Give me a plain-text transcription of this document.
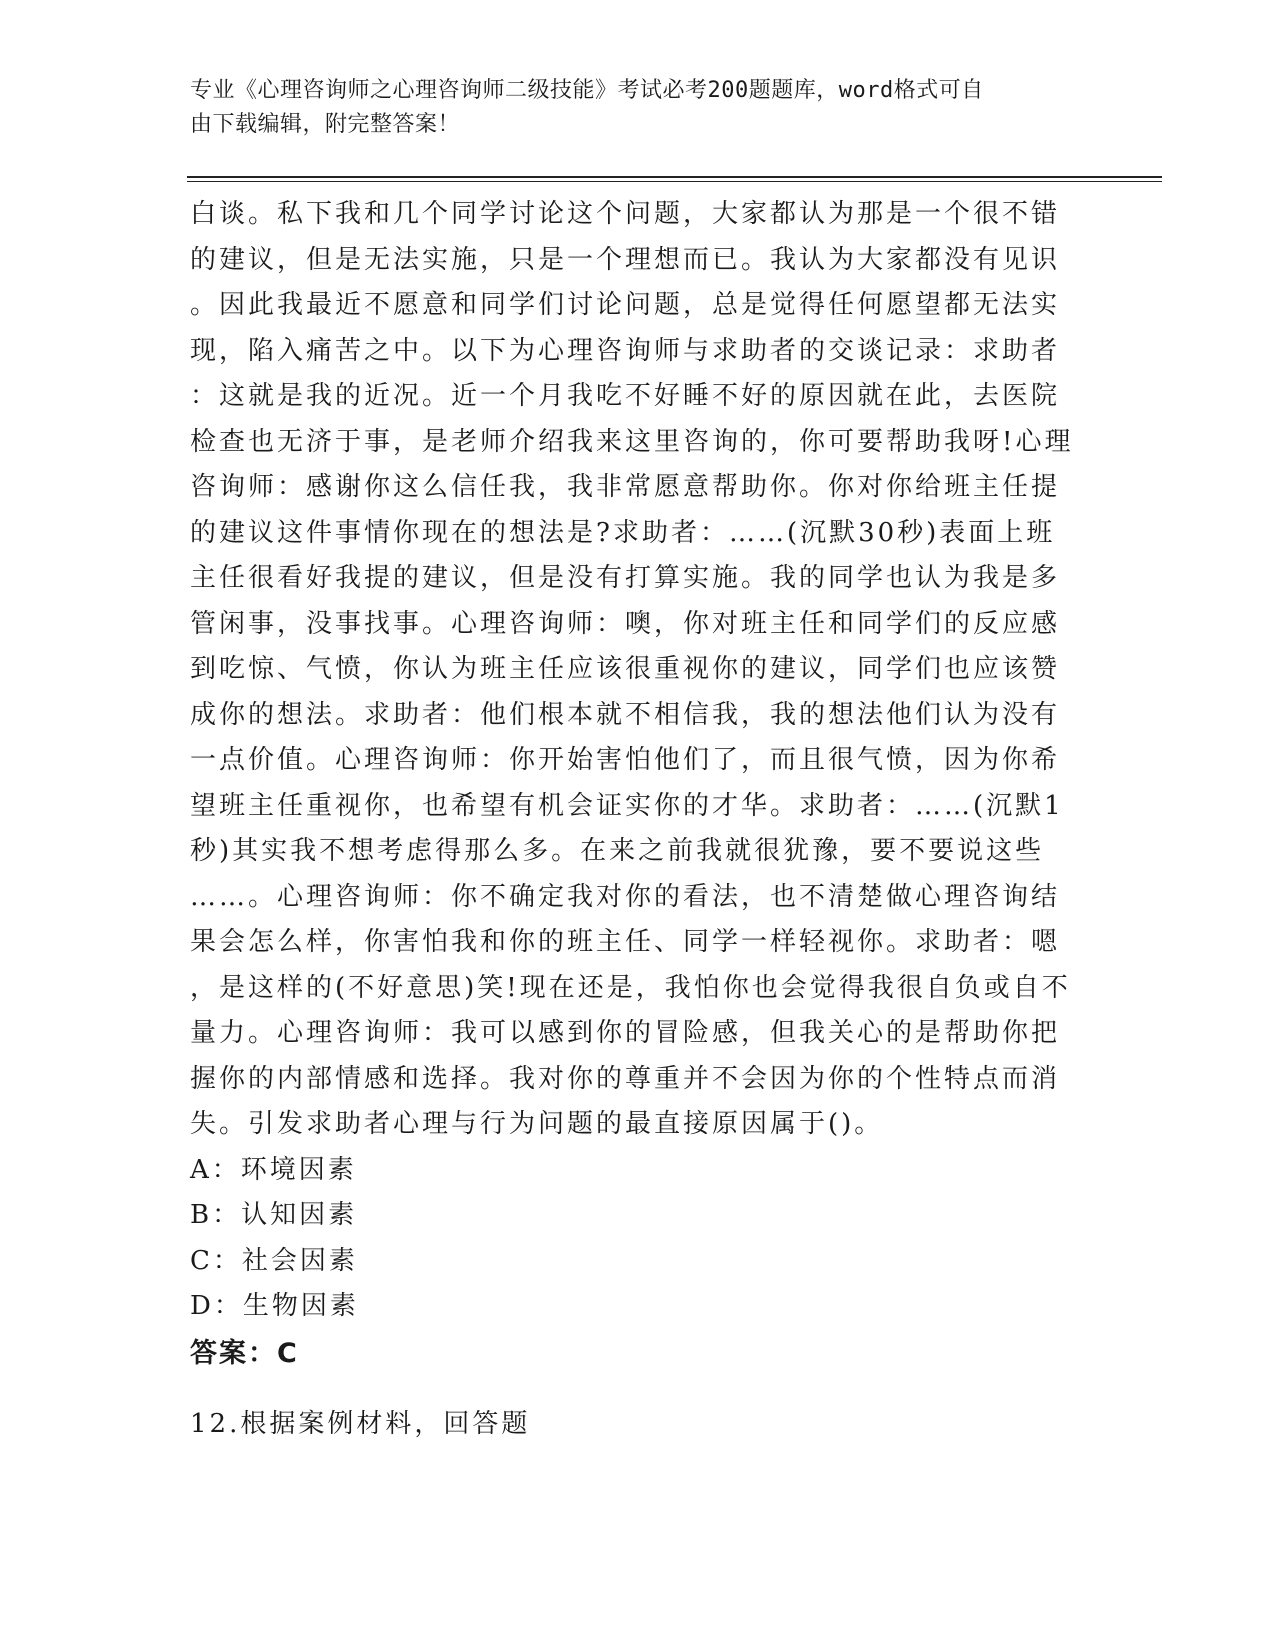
专业《心理咨询师之心理咨询师二级技能》考试必考200题题库，word格式可自
由下载编辑，附完整答案！
白谈。私下我和几个同学讨论这个问题，大家都认为那是一个很不错
的建议，但是无法实施，只是一个理想而已。我认为大家都没有见识
。因此我最近不愿意和同学们讨论问题，总是觉得任何愿望都无法实
现，陷入痛苦之中。以下为心理咨询师与求助者的交谈记录：求助者
：这就是我的近况。近一个月我吃不好睡不好的原因就在此，去医院
检查也无济于事，是老师介绍我来这里咨询的，你可要帮助我呀!心理
咨询师：感谢你这么信任我，我非常愿意帮助你。你对你给班主任提
的建议这件事情你现在的想法是?求助者：……(沉默30秒)表面上班
主任很看好我提的建议，但是没有打算实施。我的同学也认为我是多
管闲事，没事找事。心理咨询师：噢，你对班主任和同学们的反应感
到吃惊、气愤，你认为班主任应该很重视你的建议，同学们也应该赞
成你的想法。求助者：他们根本就不相信我，我的想法他们认为没有
一点价值。心理咨询师：你开始害怕他们了，而且很气愤，因为你希
望班主任重视你，也希望有机会证实你的才华。求助者：……(沉默1
秒)其实我不想考虑得那么多。在来之前我就很犹豫，要不要说这些
……。心理咨询师：你不确定我对你的看法，也不清楚做心理咨询结
果会怎么样，你害怕我和你的班主任、同学一样轻视你。求助者：嗯
，是这样的(不好意思)笑!现在还是，我怕你也会觉得我很自负或自不
量力。心理咨询师：我可以感到你的冒险感，但我关心的是帮助你把
握你的内部情感和选择。我对你的尊重并不会因为你的个性特点而消
失。引发求助者心理与行为问题的最直接原因属于()。
A：环境因素
B：认知因素
C：社会因素
D：生物因素
答案：C
12.根据案例材料，回答题
